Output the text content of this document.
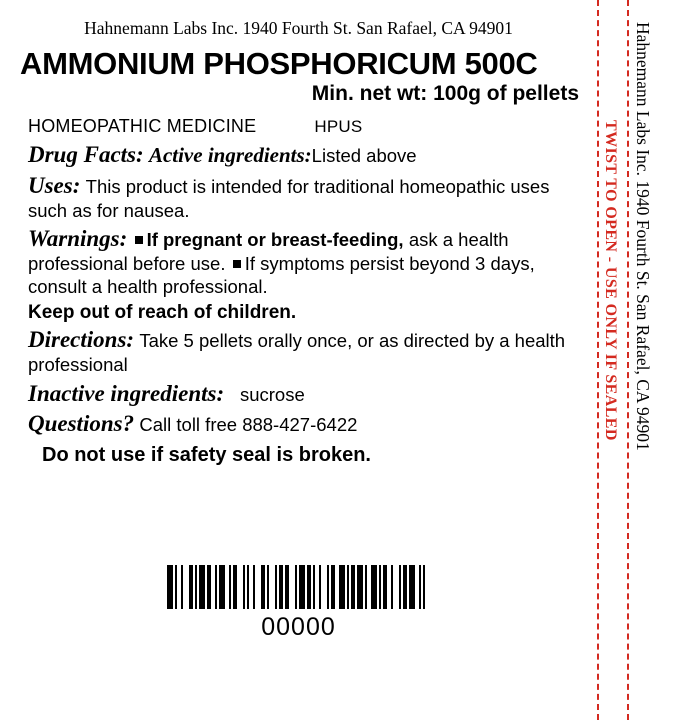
Hahnemann Labs Inc. 1940 Fourth St. San Rafael, CA 94901
AMMONIUM PHOSPHORICUM 500C
Min. net wt: 100g of pellets
HOMEOPATHIC MEDICINE	HPUS
Drug Facts: Active ingredients:Listed above
Uses: This product is intended for traditional homeopathic uses such as for nausea.
Warnings: If pregnant or breast-feeding, ask a health professional before use. If symptoms persist beyond 3 days, consult a health professional.
Keep out of reach of children.
Directions: Take 5 pellets orally once, or as directed by a health professional
Inactive ingredients: sucrose
Questions? Call toll free 888-427-6422
Do not use if safety seal is broken.
00000
TWIST TO OPEN - USE ONLY IF SEALED Hahnemann Labs Inc. 1940 Fourth St. San Rafael, CA 94901
